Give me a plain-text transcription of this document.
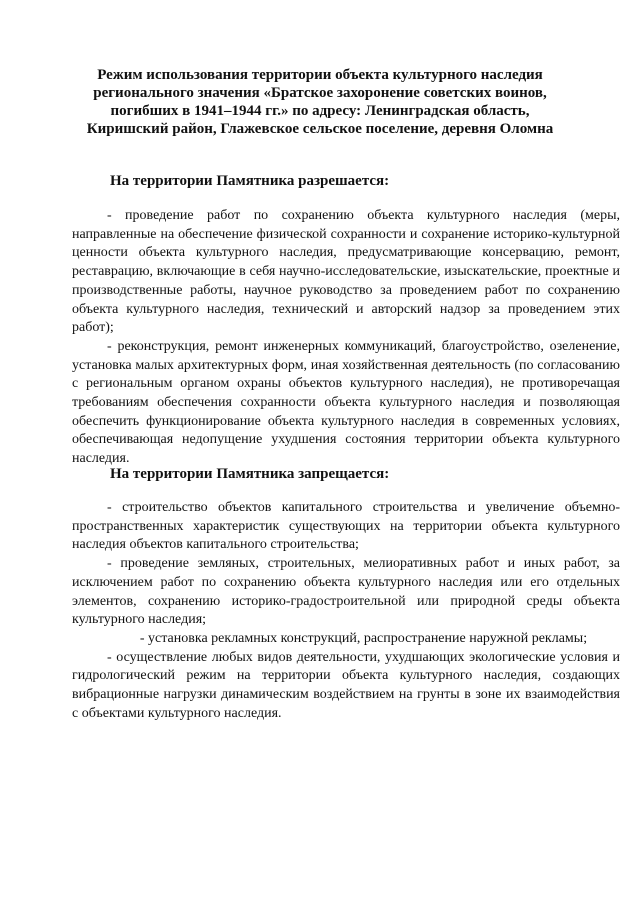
Режим использования территории объекта культурного наследия
регионального значения «Братское захоронение советских воинов,
погибших в 1941–1944 гг.» по адресу: Ленинградская область,
Киришский район, Глажевское сельское поселение, деревня Оломна
На территории Памятника разрешается:

- проведение работ по сохранению объекта культурного наследия (меры, направленные на обеспечение физической сохранности и сохранение историко-культурной ценности объекта культурного наследия, предусматривающие консервацию, ремонт, реставрацию, включающие в себя научно-исследовательские, изыскательские, проектные и производственные работы, научное руководство за проведением работ по сохранению объекта культурного наследия, технический и авторский надзор за проведением этих работ);

- реконструкция, ремонт инженерных коммуникаций, благоустройство, озеленение, установка малых архитектурных форм, иная хозяйственная деятельность (по согласованию с региональным органом охраны объектов культурного наследия), не противоречащая требованиям обеспечения сохранности объекта культурного наследия и позволяющая обеспечить функционирование объекта культурного наследия в современных условиях, обеспечивающая недопущение ухудшения состояния территории объекта культурного наследия.

На территории Памятника запрещается:

- строительство объектов капитального строительства и увеличение объемно-пространственных характеристик существующих на территории объекта культурного наследия объектов капитального строительства;

- проведение земляных, строительных, мелиоративных работ и иных работ, за исключением работ по сохранению объекта культурного наследия или его отдельных элементов, сохранению историко-градостроительной или природной среды объекта культурного наследия;

- установка рекламных конструкций, распространение наружной рекламы;

- осуществление любых видов деятельности, ухудшающих экологические условия и гидрологический режим на территории объекта культурного наследия, создающих вибрационные нагрузки динамическим воздействием на грунты в зоне их взаимодействия с объектами культурного наследия.
